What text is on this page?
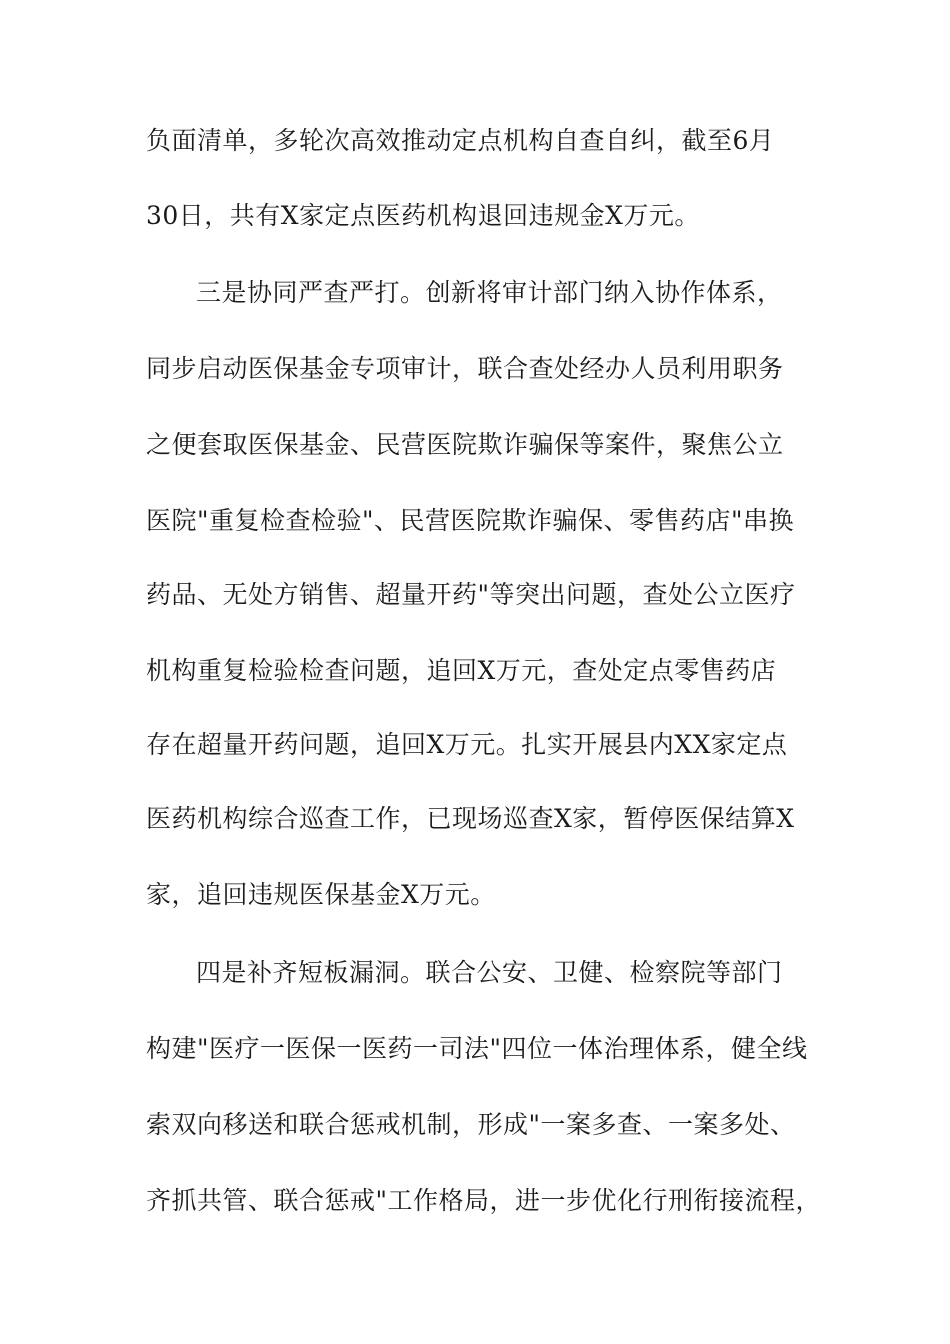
负面清单，多轮次高效推动定点机构自查自纠，截至6月
30日，共有X家定点医药机构退回违规金X万元。
三是协同严查严打。创新将审计部门纳入协作体系，
同步启动医保基金专项审计，联合查处经办人员利用职务
之便套取医保基金、民营医院欺诈骗保等案件，聚焦公立
医院"重复检查检验"、民营医院欺诈骗保、零售药店"串换
药品、无处方销售、超量开药"等突出问题，查处公立医疗
机构重复检验检查问题，追回X万元，查处定点零售药店
存在超量开药问题，追回X万元。扎实开展县内XX家定点
医药机构综合巡查工作，已现场巡查X家，暂停医保结算X
家，追回违规医保基金X万元。
四是补齐短板漏洞。联合公安、卫健、检察院等部门
构建"医疗一医保一医药一司法"四位一体治理体系，健全线
索双向移送和联合惩戒机制，形成"一案多查、一案多处、
齐抓共管、联合惩戒"工作格局，进一步优化行刑衔接流程，
